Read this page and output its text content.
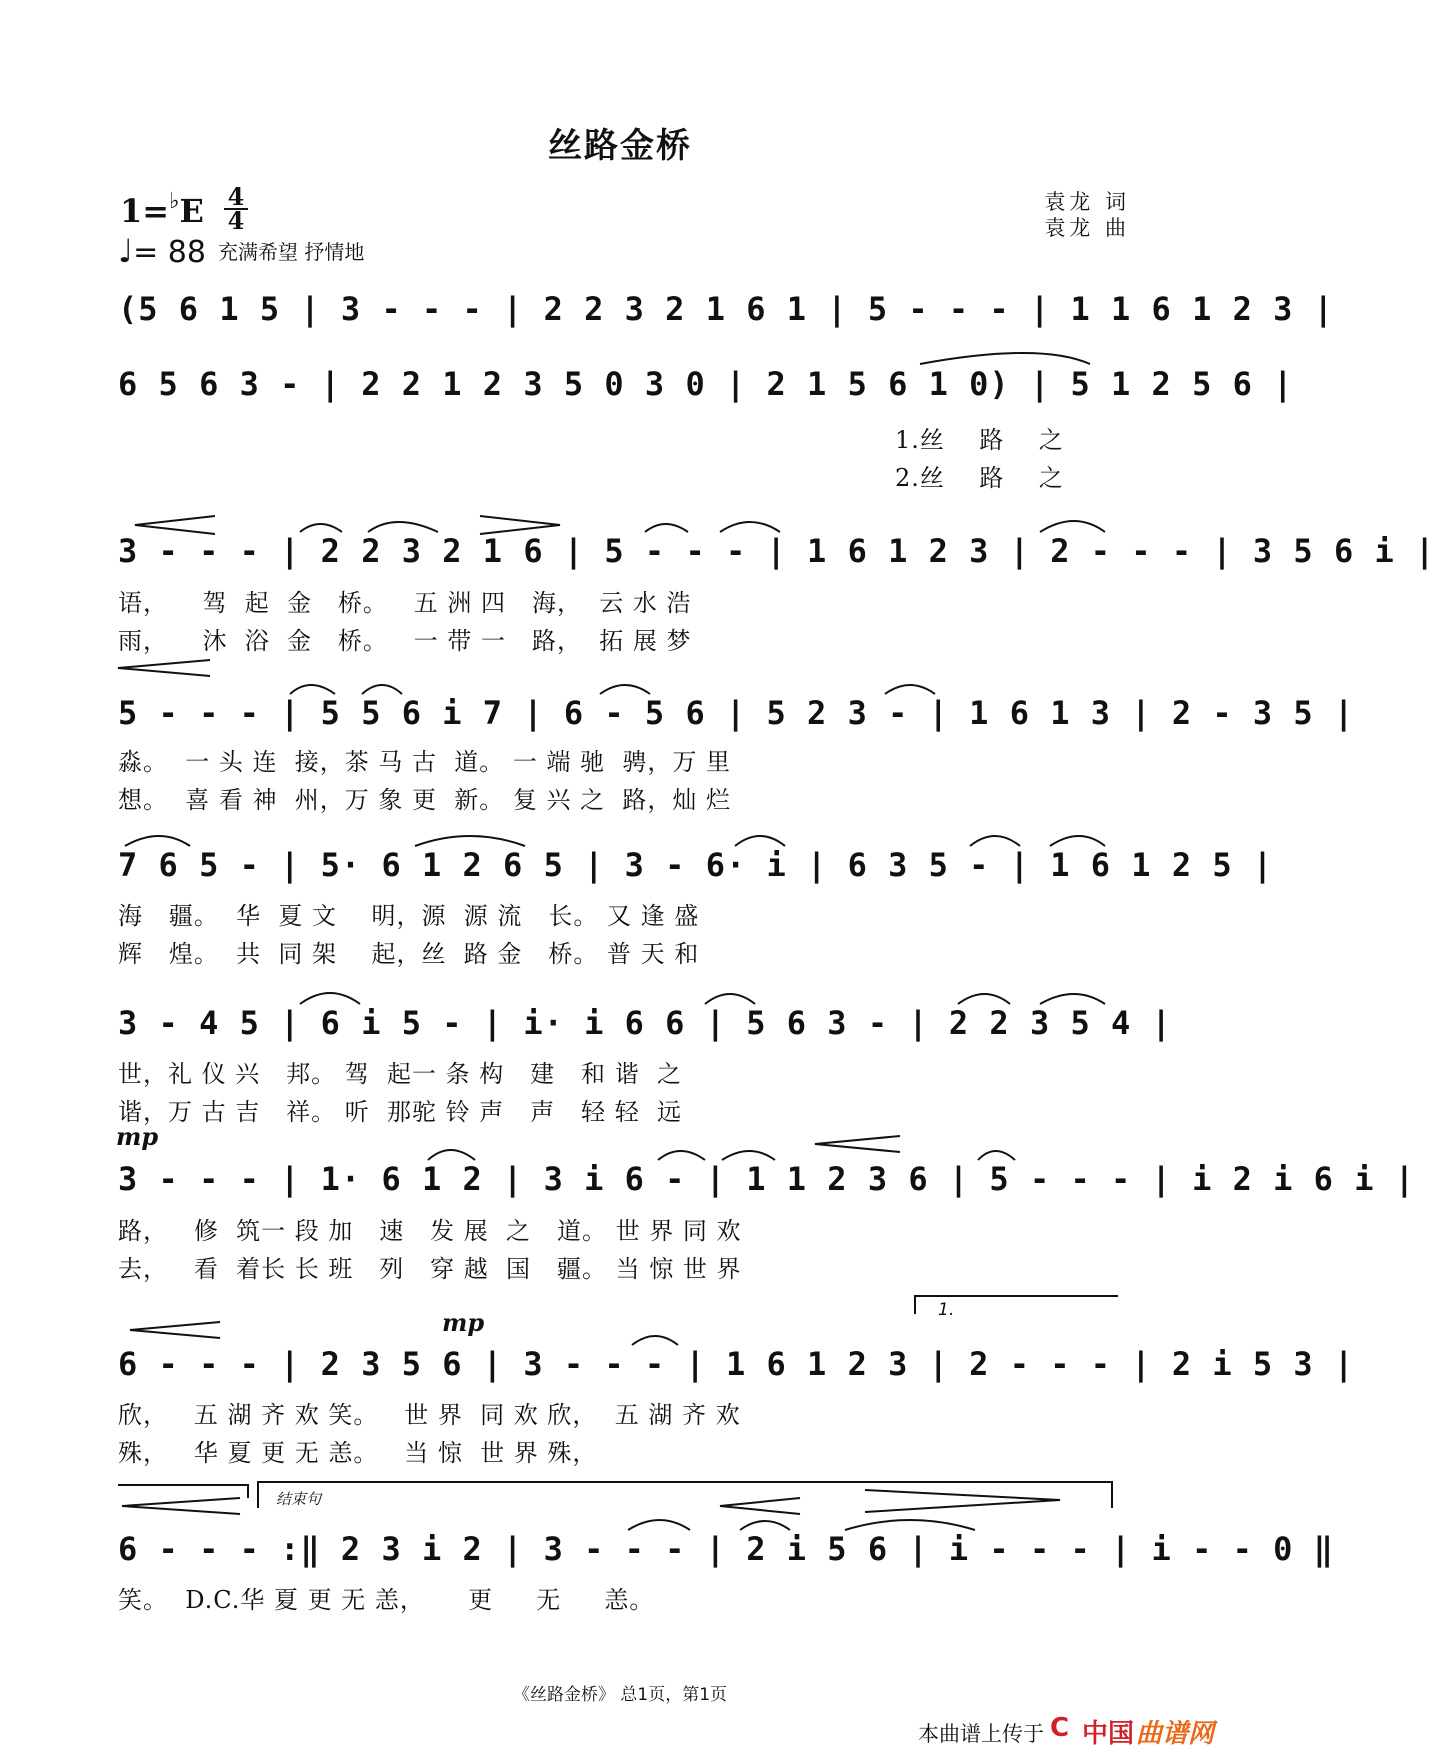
丝路金桥
1=♭E 4
4
♩= 88 充满希望 抒情地
袁龙 词
袁龙 曲
(5 6 1 5 | 3 - - - | 2 2 3 2 1 6 1 | 5 - - - | 1 1 6 1 2 3 |
6 5 6 3 - | 2 2 1 2 3 5 0 3 0 | 2 1 5 6 1 0) | 5 1 2 5 6 |
1.丝    路    之
2.丝    路    之
3 - - - | 2 2 3 2 1 6 | 5 - - - | 1 6 1 2 3 | 2 - - - | 3 5 6 i |
语，    驾  起  金   桥。   五 洲 四   海，  云 水 浩
雨，    沐  浴  金   桥。   一 带 一   路，  拓 展 梦
5 - - - | 5 5 6 i 7 | 6 - 5 6 | 5 2 3 - | 1 6 1 3 | 2 - 3 5 |
淼。  一 头 连  接，茶 马 古  道。 一 端 驰  骋，万 里
想。  喜 看 神  州，万 象 更  新。 复 兴 之  路，灿 烂
7 6 5 - | 5· 6 1 2 6 5 | 3 - 6· i | 6 3 5 - | 1 6 1 2 5 |
海   疆。  华  夏 文    明，源  源 流   长。 又 逢 盛
辉   煌。  共  同 架    起，丝  路 金   桥。 普 天 和
3 - 4 5 | 6 i 5 - | i· i 6 6 | 5 6 3 - | 2 2 3 5 4 |
世，礼 仪 兴   邦。 驾  起一 条 构   建   和 谐  之
谐，万 古 吉   祥。 听  那驼 铃 声   声   轻 轻  远
mp
3 - - - | 1· 6 1 2 | 3 i 6 - | 1 1 2 3 6 | 5 - - - | i 2 i 6 i |
路，   修  筑一 段 加   速   发 展  之   道。 世 界 同 欢
去，   看  着长 长 班   列   穿 越  国   疆。 当 惊 世 界
mp	1.
6 - - - | 2 3 5 6 | 3 - - - | 1 6 1 2 3 | 2 - - - | 2 i 5 3 |
欣，   五 湖 齐 欢 笑。   世 界  同 欢 欣，  五 湖 齐 欢
殊，   华 夏 更 无 恙。   当 惊  世 界 殊，
结束句
6 - - - :‖ 2 3 i 2 | 3 - - - | 2 i 5 6 | i - - - | i - - 0 ‖
笑。  D.C.华 夏 更 无 恙，     更     无     恙。
《丝路金桥》 总1页，第1页
本曲谱上传于 C 中国 曲谱网
